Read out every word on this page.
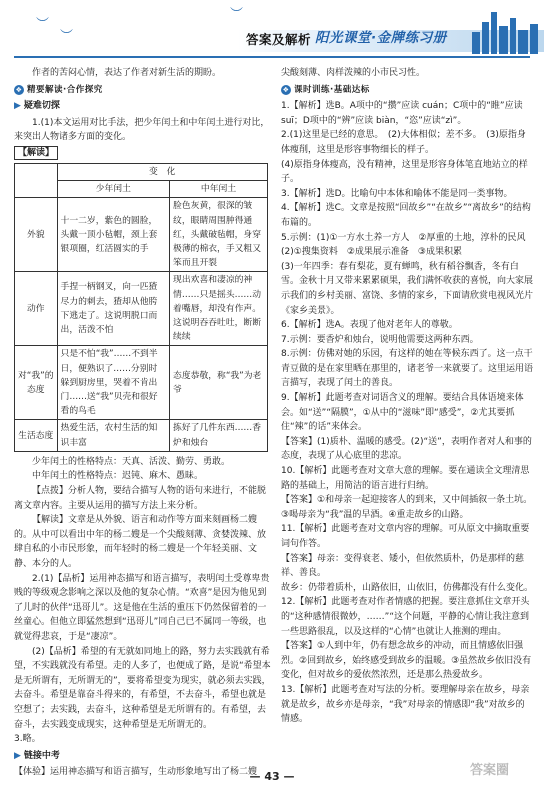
︶
︶
︶
答案及解析 阳光课堂·金牌练习册

作者的苦闷心情，表达了作者对新生活的期盼。

❖ 精要解读·合作探究
▶ 疑难切探

1.(1)本文运用对比手法，把少年闰土和中年闰土进行对比，来突出人物诸多方面的变化。

【解读】
	变　化	
	少年闰土	中年闰土
外貌	十一二岁，紫色的圆脸，头戴一顶小毡帽，颈上套银项圈，红活圆实的手	脸色灰黄，很深的皱纹，眼睛周围肿得通红，头戴破毡帽，身穿极薄的棉衣，手又粗又笨而且开裂
动作	手捏一柄钢叉，向一匹猹尽力的刺去，猹却从他胯下逃走了。这说明脱口而出，活泼不怕	现出欢喜和凄凉的神情……只是摇头……动着嘴唇，却没有作声。这说明吞吞吐吐，断断续续
对“我”的态度	只是不怕“我”……不到半日，便熟识了……分别时躲到厨房里，哭着不肯出门……送“我”贝壳和很好看的鸟毛	态度恭敬，称“我”为老爷
生活态度	热爱生活，农村生活的知识丰富	拣好了几件东西……香炉和烛台

少年闰土的性格特点：天真、活泼、勤劳、勇敢。

中年闰土的性格特点：迟钝、麻木、愚昧。

【点拨】分析人物，要结合描写人物的语句来进行，不能脱离文章内容。主要从运用的描写方法上来分析。

【解读】文章是从外貌、语言和动作等方面来刻画杨二嫂的。从中可以看出中年的杨二嫂是一个尖酸刻薄、贪婪泼辣、放肆自私的小市民形象，而年轻时的杨二嫂是一个年轻美丽、文静、本分的人。

2.(1)【品析】运用神态描写和语言描写，表明闰土受尊卑贵贱的等级观念影响之深以及他的复杂心情。“欢喜”是因为他见到了儿时的伙伴“迅哥儿”。这是他在生活的重压下仍然保留着的一丝童心。但他立即猛然想到“迅哥儿”同自己已不属同一等级，也就觉得悲哀，于是“凄凉”。

(2)【品析】希望的有无就如同地上的路，努力去实践就有希望，不实践就没有希望。走的人多了，也便成了路，是说“希望本是无所谓有，无所谓无的”，要将希望变为现实，就必须去实践，去奋斗。希望是靠奋斗得来的，有希望，不去奋斗，希望也就是空想了；去实践，去奋斗，这种希望是无所谓有的。有希望，去奋斗，去实践变成现实，这种希望是无所谓无的。

3.略。

▶ 链接中考

【体验】运用神态描写和语言描写，生动形象地写出了杨二嫂

尖酸刻薄、肉样泼辣的小市民习性。

❖ 课时训练·基础达标

1.【解析】选B。A项中的“攒”应读 cuán；C项中的“睢”应读 suī；D项中的“辨”应读 biàn，“恣”应读“zì”。

2.(1)这里是已经的意思。　(2)大体相似；差不多。　(3)原指身体瘦削，这里是形容事物细长的样子。

(4)原指身体瘦高，没有精神，这里是形容身体笔直地站立的样子。

3.【解析】选D。比喻句中本体和喻体不能是同一类事物。

4.【解析】选C。文章是按照“回故乡”“在故乡”“离故乡”的结构布篇的。

5.示例：(1)①一方水土养一方人　②厚重的土地，淳朴的民风

(2)①搜集资料　②成果展示准备　③成果积累

(3)一年四季：春有梨花，夏有蝉鸣，秋有稻谷飘香，冬有白雪。金秋十月又带来累累硕果，我们满怀收获的喜悦，向大家展示我们的乡村美丽、富饶、多情的家乡，下面请欣赏电视风光片《家乡美景》。

6.【解析】选A。表现了他对老年人的尊敬。

7.示例：要香炉和烛台，说明他需要这两种东西。

8.示例：仿佛对她的乐园，有这样的她在等候东西了。这一点干青豆做的是在家里晒在那里的，诸老爷一来就要了。这里运用语言描写，表现了闰土的善良。

9.【解析】此题考查对词语含义的理解。要结合具体语境来体会。如“送”“隔膜”，①从中的“滋味”即“感受”，②尤其要抓住“辣”的话”来体会。

【答案】(1)质朴、温暖的感受。(2)“送”，表明作者对人和事的态度，表现了从心底里的悲凉。

10.【解析】此题考查对文章大意的理解。要在通读全文理清思路的基础上，用简洁的语言进行归纳。

【答案】①和母亲一起迎接客人的到来，又中间插叙一条土坑。③喝母亲为“我”温的早酒。④重走故乡的山路。

11.【解析】此题考查对文章内容的理解。可从原文中摘取重要词句作答。

【答案】母亲：变得衰老、矮小，但依然质朴，仍是那样的慈祥、善良。

故乡：仍带着质朴，山路依旧，山依旧，仿佛都没有什么变化。

12.【解析】此题考查对作者情感的把握。要注意抓住文章开头的“这种感情很微妙，……”“这个问题，平静的心情让我注意到一些思路很乱，以及这样的“心情”也就让人推测的理由。

【答案】①人到中年，仍有想念故乡的冲动，而且情感依旧强烈。②回到故乡，始终感受到故乡的温暖。③虽然故乡依旧没有变化，但对故乡的爱依然浓烈，还是那么热爱故乡。

13.【解析】此题考查对写法的分析。要理解母亲在故乡，母亲就是故乡，故乡亦是母亲，“我”对母亲的情感即“我”对故乡的情感。

— 43 —	答案圈
